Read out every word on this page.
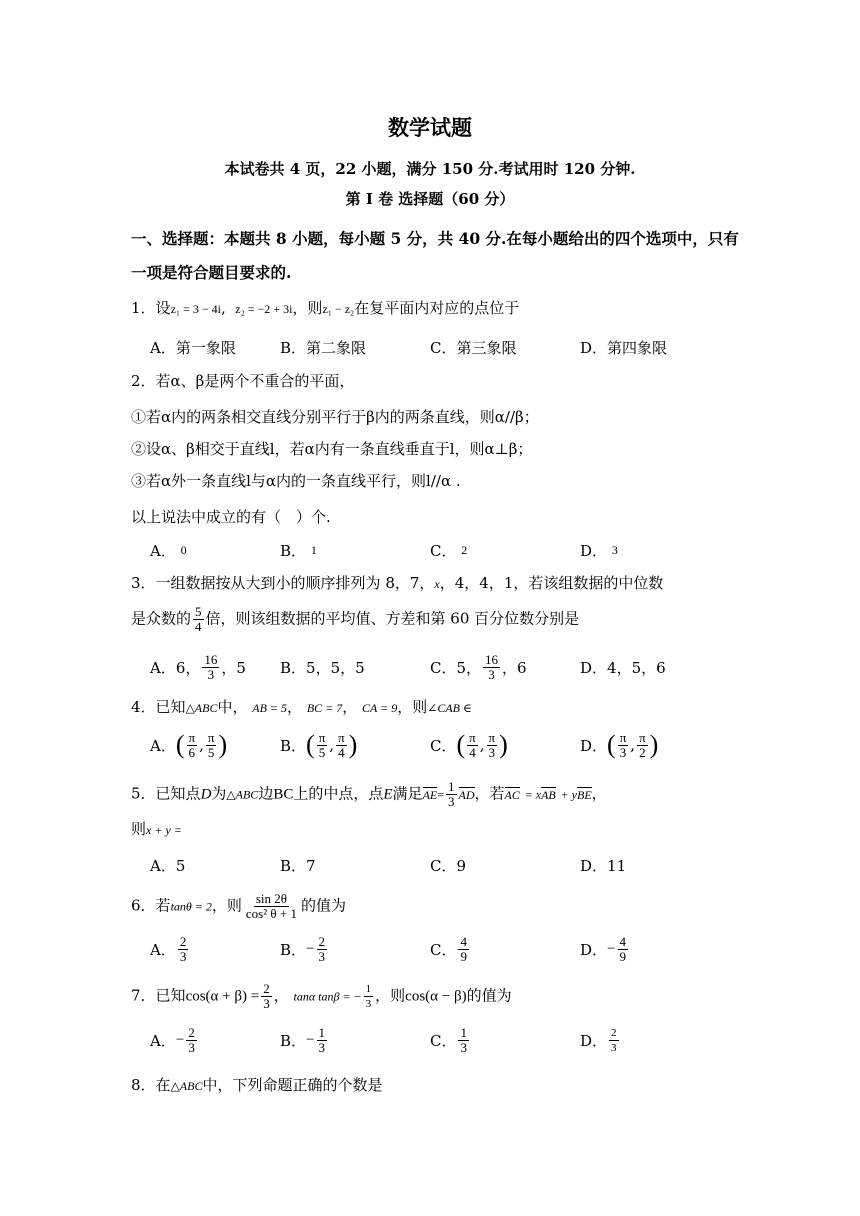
数学试题
本试卷共 4 页，22 小题，满分 150 分.考试用时 120 分钟.
第 I 卷 选择题（60 分）
一、选择题：本题共 8 小题，每小题 5 分，共 40 分.在每小题给出的四个选项中，只有一项是符合题目要求的.
1．设z₁ = 3 − 4i,  z₂ = −2 + 3i，则z₁ − z₂在复平面内对应的点位于
A．第一象限	B．第二象限	C．第三象限	D．第四象限
2．若α、β是两个不重合的平面，
①若α内的两条相交直线分别平行于β内的两条直线，则α//β；
②设α、β相交于直线l，若α内有一条直线垂直于l，则α⊥β；
③若α外一条直线l与α内的一条直线平行，则l//α .
以上说法中成立的有（　）个.
A．
0	B．
1	C．
2	D．
3
3．一组数据按从大到小的顺序排列为 8，7，x，4，4，1，若该组数据的中位数
是众数的 $\frac{5}{4}$ 倍，则该组数据的平均值、方差和第 60 百分位数分别是
A．6， $\frac{16}{3}$ ，5 B．5，5，5	C．5， $\frac{16}{3}$ ，6	D．4，5，6
4．已知△ABC中， AB = 5， BC = 7， CA = 9，则∠CAB ∈
A． ( $\frac{\pi}{6}$ , $\frac{\pi}{5}$ )	B． ( $\frac{\pi}{5}$ , $\frac{\pi}{4}$ )	C． ( $\frac{\pi}{4}$ , $\frac{\pi}{3}$ )	D． ( $\frac{\pi}{3}$ , $\frac{\pi}{2}$ )
5．已知点D为△ABC边BC上的中点，点E满足$AE= \frac{1}{3}$ AD，若AC = xAB + yBE，
则x + y =
A．5	B．7	C．9	D．11
6．若tanθ = 2，则 $\frac{\sin 2\theta}{\text{cos² θ + 1}}$ 的值为
A． $\frac{2}{3}$	B． − $\frac{2}{3}$	C． $\frac{4}{9}$	D． − $\frac{4}{9}$
7．已知$\cos(\alpha + \beta) = \frac{2}{3}$ ， tanα tanβ = − $\frac{1}{3}$ ，则cos(α − β)的值为
A． − $\frac{2}{3}$	B． − $\frac{1}{3}$	C． $\frac{1}{3}$	D． $\frac{2}{3}$
8．在△ABC中，下列命题正确的个数是
